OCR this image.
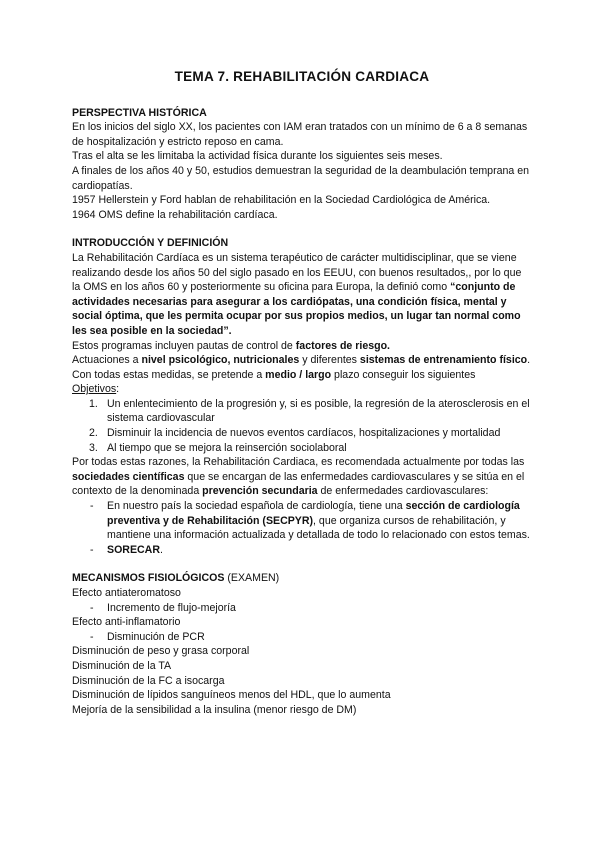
TEMA 7. REHABILITACIÓN CARDIACA
PERSPECTIVA HISTÓRICA
En los inicios del siglo XX, los pacientes con IAM eran tratados con un mínimo de 6 a 8 semanas de hospitalización y estricto reposo en cama.
Tras el alta se les limitaba la actividad física durante los siguientes seis meses.
A finales de los años 40 y 50, estudios demuestran la seguridad de la deambulación temprana en cardiopatías.
1957 Hellerstein y Ford hablan de rehabilitación en la Sociedad Cardiológica de América.
1964 OMS define la rehabilitación cardíaca.
INTRODUCCIÓN Y DEFINICIÓN
La Rehabilitación Cardíaca es un sistema terapéutico de carácter multidisciplinar, que se viene realizando desde los años 50 del siglo pasado en los EEUU, con buenos resultados,, por lo que la OMS en los años 60 y posteriormente su oficina para Europa, la definió como “conjunto de actividades necesarias para asegurar a los cardiópatas, una condición física, mental y social óptima, que les permita ocupar por sus propios medios, un lugar tan normal como les sea posible en la sociedad”.
Estos programas incluyen pautas de control de factores de riesgo.
Actuaciones a nivel psicológico, nutricionales y diferentes sistemas de entrenamiento físico.
Con todas estas medidas, se pretende a medio / largo plazo conseguir los siguientes
Objetivos:
1. Un enlentecimiento de la progresión y, si es posible, la regresión de la aterosclerosis en el sistema cardiovascular
2. Disminuir la incidencia de nuevos eventos cardíacos, hospitalizaciones y mortalidad
3. Al tiempo que se mejora la reinserción sociolaboral
Por todas estas razones, la Rehabilitación Cardiaca, es recomendada actualmente por todas las sociedades científicas que se encargan de las enfermedades cardiovasculares y se sitúa en el contexto de la denominada prevención secundaria de enfermedades cardiovasculares:
- En nuestro país la sociedad española de cardiología, tiene una sección de cardiología preventiva y de Rehabilitación (SECPYR), que organiza cursos de rehabilitación, y mantiene una información actualizada y detallada de todo lo relacionado con estos temas.
- SORECAR.
MECANISMOS FISIOLÓGICOS (EXAMEN)
Efecto antiateromatoso
- Incremento de flujo-mejoría
Efecto anti-inflamatorio
- Disminución de PCR
Disminución de peso y grasa corporal
Disminución de la TA
Disminución de la FC a isocarga
Disminución de lípidos sanguíneos menos del HDL, que lo aumenta
Mejoría de la sensibilidad a la insulina (menor riesgo de DM)
